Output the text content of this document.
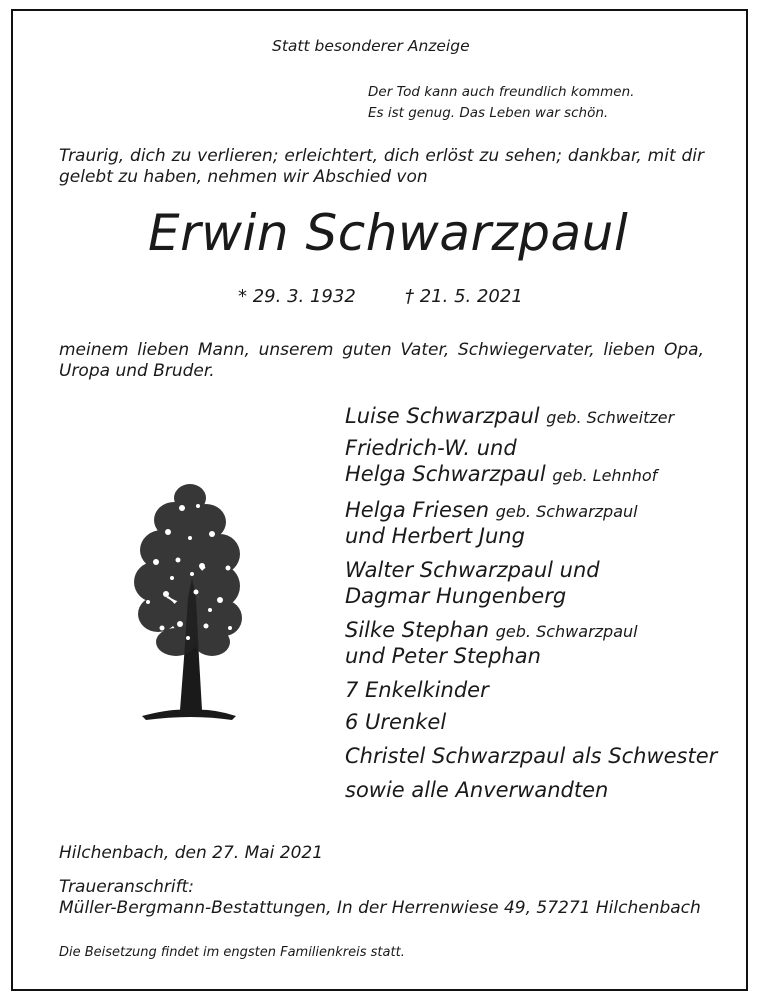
Statt besonderer Anzeige
Der Tod kann auch freundlich kommen.
Es ist genug. Das Leben war schön.
Traurig, dich zu verlieren; erleichtert, dich erlöst zu sehen; dankbar, mit dir gelebt zu haben, nehmen wir Abschied von
Erwin Schwarzpaul
* 29. 3. 1932	† 21. 5. 2021
meinem lieben Mann, unserem guten Vater, Schwiegervater, lieben Opa, Uropa und Bruder.
Luise Schwarzpaul geb. Schweitzer
Friedrich-W. und
Helga Schwarzpaul geb. Lehnhof
Helga Friesen geb. Schwarzpaul
und Herbert Jung
Walter Schwarzpaul und
Dagmar Hungenberg
Silke Stephan geb. Schwarzpaul
und Peter Stephan
7 Enkelkinder
6 Urenkel
Christel Schwarzpaul als Schwester
sowie alle Anverwandten
Hilchenbach, den 27. Mai 2021
Traueranschrift:
Müller-Bergmann-Bestattungen, In der Herrenwiese 49, 57271 Hilchenbach
Die Beisetzung findet im engsten Familienkreis statt.
